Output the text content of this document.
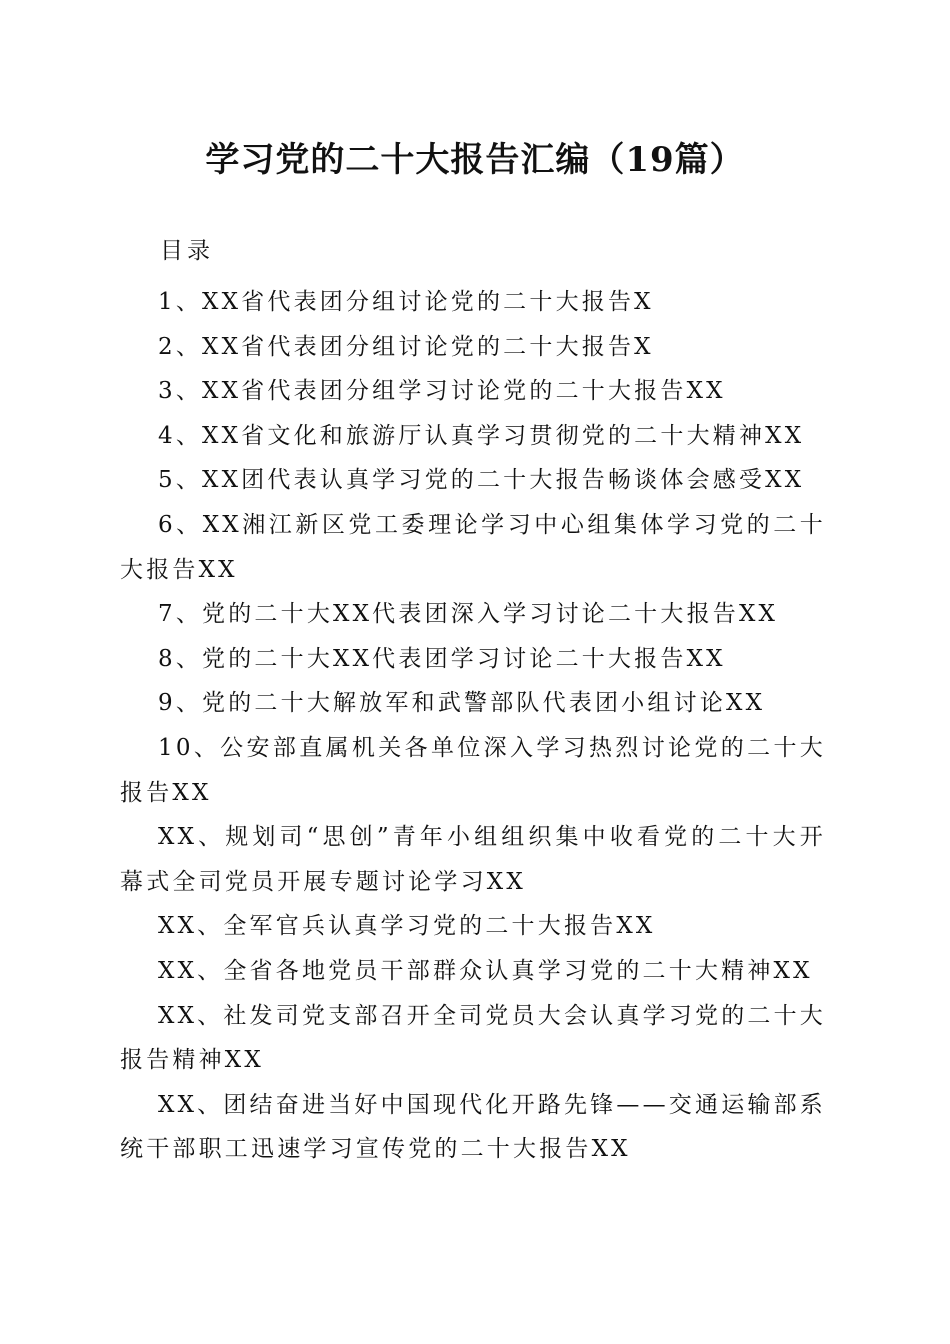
学习党的二十大报告汇编（19篇）
目录
1、XX省代表团分组讨论党的二十大报告X
2、XX省代表团分组讨论党的二十大报告X
3、XX省代表团分组学习讨论党的二十大报告XX
4、XX省文化和旅游厅认真学习贯彻党的二十大精神XX
5、XX团代表认真学习党的二十大报告畅谈体会感受XX
6、XX湘江新区党工委理论学习中心组集体学习党的二十大报告XX
7、党的二十大XX代表团深入学习讨论二十大报告XX
8、党的二十大XX代表团学习讨论二十大报告XX
9、党的二十大解放军和武警部队代表团小组讨论XX
10、公安部直属机关各单位深入学习热烈讨论党的二十大报告XX
XX、规划司“思创”青年小组组织集中收看党的二十大开幕式全司党员开展专题讨论学习XX
XX、全军官兵认真学习党的二十大报告XX
XX、全省各地党员干部群众认真学习党的二十大精神XX
XX、社发司党支部召开全司党员大会认真学习党的二十大报告精神XX
XX、团结奋进当好中国现代化开路先锋——交通运输部系统干部职工迅速学习宣传党的二十大报告XX
